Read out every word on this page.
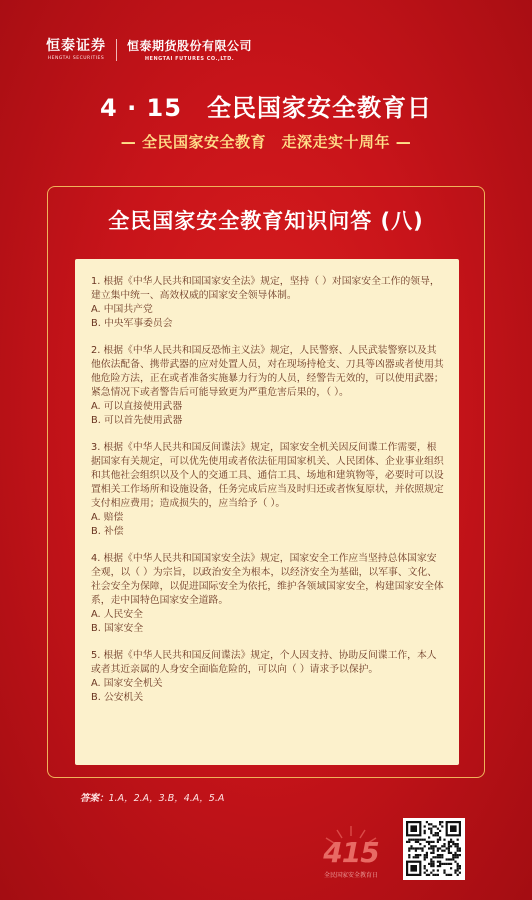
恒泰证券
HENGTAI SECURITIES
恒泰期货股份有限公司
HENGTAI FUTURES CO.,LTD.
4 · 15　全民国家安全教育日
— 全民国家安全教育　走深走实十周年 —
全民国家安全教育知识问答 (八)

1. 根据《中华人民共和国国家安全法》规定，坚持（ ）对国家安全工作的领导，建立集中统一、高效权威的国家安全领导体制。

A. 中国共产党

B. 中央军事委员会

2. 根据《中华人民共和国反恐怖主义法》规定，人民警察、人民武装警察以及其他依法配备、携带武器的应对处置人员，对在现场持枪支、刀具等凶器或者使用其他危险方法，正在或者准备实施暴力行为的人员，经警告无效的，可以使用武器；紧急情况下或者警告后可能导致更为严重危害后果的，（ ）。

A. 可以直接使用武器

B. 可以首先使用武器

3. 根据《中华人民共和国反间谍法》规定，国家安全机关因反间谍工作需要，根据国家有关规定，可以优先使用或者依法征用国家机关、人民团体、企业事业组织和其他社会组织以及个人的交通工具、通信工具、场地和建筑物等，必要时可以设置相关工作场所和设施设备，任务完成后应当及时归还或者恢复原状，并依照规定支付相应费用；造成损失的，应当给予（ ）。

A. 赔偿

B. 补偿

4. 根据《中华人民共和国国家安全法》规定，国家安全工作应当坚持总体国家安全观，以（ ）为宗旨，以政治安全为根本，以经济安全为基础，以军事、文化、社会安全为保障，以促进国际安全为依托，维护各领域国家安全，构建国家安全体系，走中国特色国家安全道路。

A. 人民安全

B. 国家安全

5. 根据《中华人民共和国反间谍法》规定，个人因支持、协助反间谍工作，本人或者其近亲属的人身安全面临危险的，可以向（ ）请求予以保护。

A. 国家安全机关

B. 公安机关

答案：1.A，2.A，3.B，4.A，5.A
415
全民国家安全教育日
